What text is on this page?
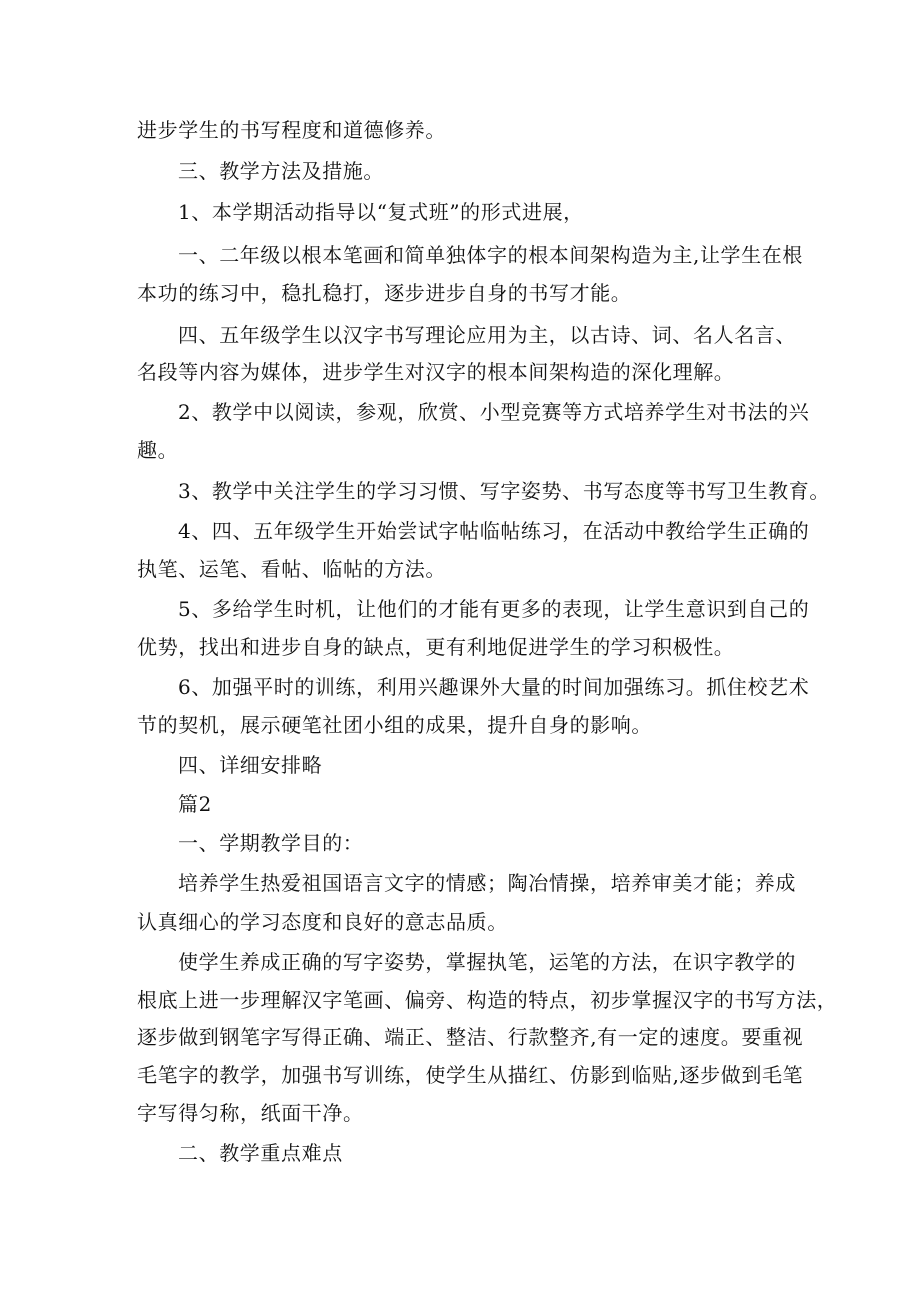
进步学生的书写程度和道德修养。
三、教学方法及措施。
1、本学期活动指导以“复式班”的形式进展，
一、二年级以根本笔画和简单独体字的根本间架构造为主,让学生在根
本功的练习中，稳扎稳打，逐步进步自身的书写才能。
四、五年级学生以汉字书写理论应用为主，以古诗、词、名人名言、
名段等内容为媒体，进步学生对汉字的根本间架构造的深化理解。
2、教学中以阅读，参观，欣赏、小型竞赛等方式培养学生对书法的兴
趣。
3、教学中关注学生的学习习惯、写字姿势、书写态度等书写卫生教育。
4、四、五年级学生开始尝试字帖临帖练习，在活动中教给学生正确的
执笔、运笔、看帖、临帖的方法。
5、多给学生时机，让他们的才能有更多的表现，让学生意识到自己的
优势，找出和进步自身的缺点，更有利地促进学生的学习积极性。
6、加强平时的训练，利用兴趣课外大量的时间加强练习。抓住校艺术
节的契机，展示硬笔社团小组的成果，提升自身的影响。
四、详细安排略
篇2
一、学期教学目的：
培养学生热爱祖国语言文字的情感；陶冶情操，培养审美才能；养成
认真细心的学习态度和良好的意志品质。
使学生养成正确的写字姿势，掌握执笔，运笔的方法，在识字教学的
根底上进一步理解汉字笔画、偏旁、构造的特点，初步掌握汉字的书写方法，
逐步做到钢笔字写得正确、端正、整洁、行款整齐,有一定的速度。要重视
毛笔字的教学，加强书写训练，使学生从描红、仿影到临贴,逐步做到毛笔
字写得匀称，纸面干净。
二、教学重点难点
